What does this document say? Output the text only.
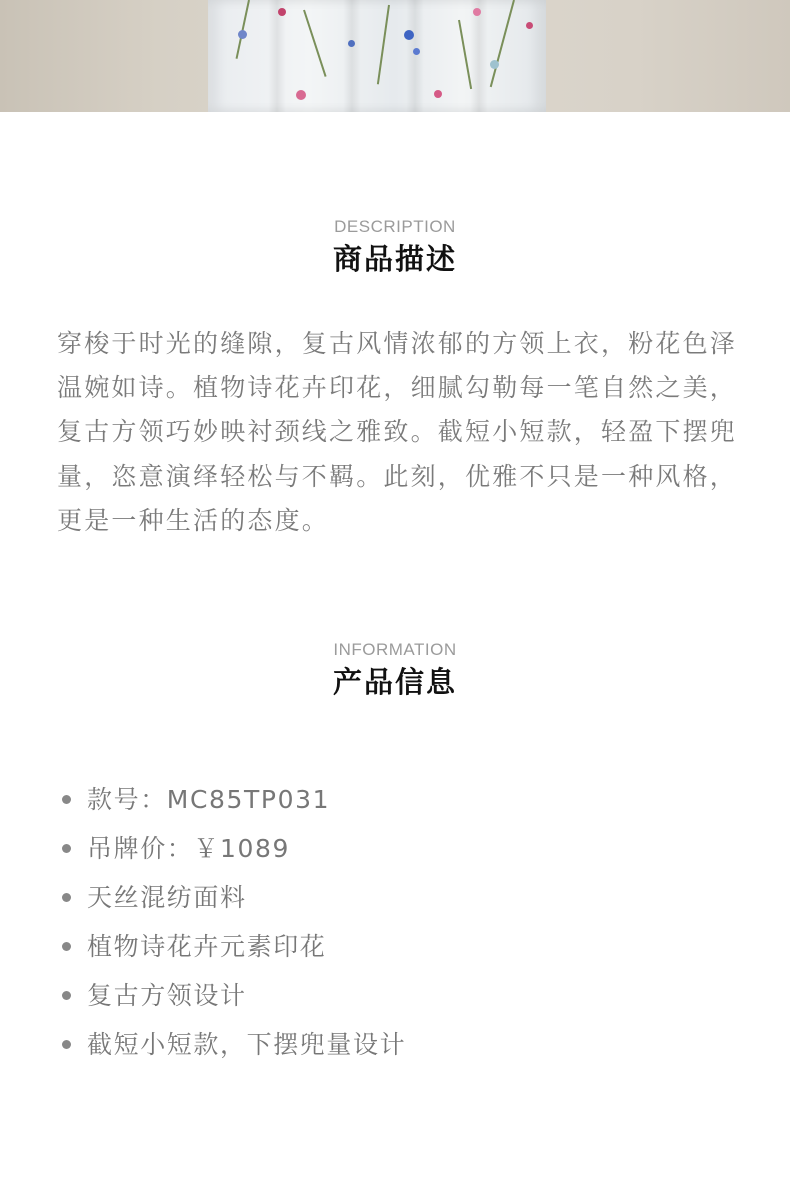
DESCRIPTION
商品描述

穿梭于时光的缝隙，复古风情浓郁的方领上衣，粉花色泽温婉如诗。植物诗花卉印花，细腻勾勒每一笔自然之美，复古方领巧妙映衬颈线之雅致。截短小短款，轻盈下摆兜量，恣意演绎轻松与不羁。此刻，优雅不只是一种风格，更是一种生活的态度。

INFORMATION
产品信息
款号：MC85TP031
吊牌价：￥1089
天丝混纺面料
植物诗花卉元素印花
复古方领设计
截短小短款，下摆兜量设计
